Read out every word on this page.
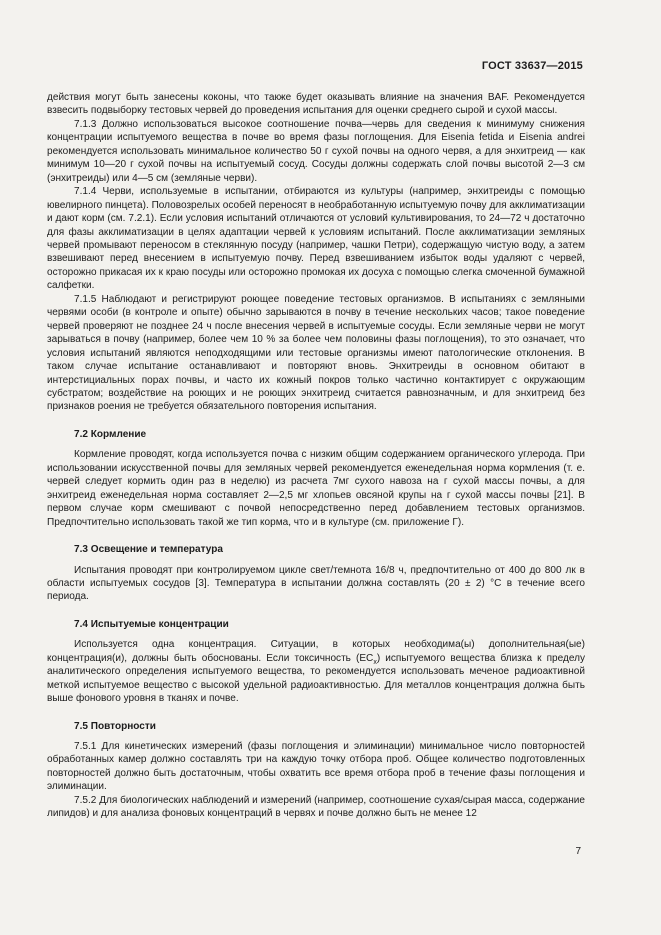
ГОСТ 33637—2015

действия могут быть занесены коконы, что также будет оказывать влияние на значения BAF. Рекомендуется взвесить подвыборку тестовых червей до проведения испытания для оценки среднего сырой и сухой массы.

7.1.3 Должно использоваться высокое соотношение почва—червь для сведения к минимуму снижения концентрации испытуемого вещества в почве во время фазы поглощения. Для Eisenia fetida и Eisenia andrei рекомендуется использовать минимальное количество 50 г сухой почвы на одного червя, а для энхитреид — как минимум 10—20 г сухой почвы на испытуемый сосуд. Сосуды должны содержать слой почвы высотой 2—3 см (энхитреиды) или 4—5 см (земляные черви).

7.1.4 Черви, используемые в испытании, отбираются из культуры (например, энхитреиды с помощью ювелирного пинцета). Половозрелых особей переносят в необработанную испытуемую почву для акклиматизации и дают корм (см. 7.2.1). Если условия испытаний отличаются от условий культивирования, то 24—72 ч достаточно для фазы акклиматизации в целях адаптации червей к условиям испытаний. После акклиматизации земляных червей промывают переносом в стеклянную посуду (например, чашки Петри), содержащую чистую воду, а затем взвешивают перед внесением в испытуемую почву. Перед взвешиванием избыток воды удаляют с червей, осторожно прикасая их к краю посуды или осторожно промокая их досуха с помощью слегка смоченной бумажной салфетки.

7.1.5 Наблюдают и регистрируют роющее поведение тестовых организмов. В испытаниях с земляными червями особи (в контроле и опыте) обычно зарываются в почву в течение нескольких часов; такое поведение червей проверяют не позднее 24 ч после внесения червей в испытуемые сосуды. Если земляные черви не могут зарываться в почву (например, более чем 10 % за более чем половины фазы поглощения), то это означает, что условия испытаний являются неподходящими или тестовые организмы имеют патологические отклонения. В таком случае испытание останавливают и повторяют вновь. Энхитреиды в основном обитают в интерстициальных порах почвы, и часто их кожный покров только частично контактирует с окружающим субстратом; воздействие на роющих и не роющих энхитреид считается равнозначным, и для энхитреид без признаков роения не требуется обязательного повторения испытания.

7.2 Кормление

Кормление проводят, когда используется почва с низким общим содержанием органического углерода. При использовании искусственной почвы для земляных червей рекомендуется еженедельная норма кормления (т. е. червей следует кормить один раз в неделю) из расчета 7мг сухого навоза на г сухой массы почвы, а для энхитреид еженедельная норма составляет 2—2,5 мг хлопьев овсяной крупы на г сухой массы почвы [21]. В первом случае корм смешивают с почвой непосредственно перед добавлением тестовых организмов. Предпочтительно использовать такой же тип корма, что и в культуре (см. приложение Г).

7.3 Освещение и температура

Испытания проводят при контролируемом цикле свет/темнота 16/8 ч, предпочтительно от 400 до 800 лк в области испытуемых сосудов [3]. Температура в испытании должна составлять (20 ± 2) °C в течение всего периода.

7.4 Испытуемые концентрации

Используется одна концентрация. Ситуации, в которых необходима(ы) дополнительная(ые) концентрация(и), должны быть обоснованы. Если токсичность $(EC_x)$ испытуемого вещества близка к пределу аналитического определения испытуемого вещества, то рекомендуется использовать меченое радиоактивной меткой испытуемое вещество с высокой удельной радиоактивностью. Для металлов концентрация должна быть выше фонового уровня в тканях и почве.

7.5 Повторности

7.5.1 Для кинетических измерений (фазы поглощения и элиминации) минимальное число повторностей обработанных камер должно составлять три на каждую точку отбора проб. Общее количество подготовленных повторностей должно быть достаточным, чтобы охватить все время отбора проб в течение фазы поглощения и элиминации.

7.5.2 Для биологических наблюдений и измерений (например, соотношение сухая/сырая масса, содержание липидов) и для анализа фоновых концентраций в червях и почве должно быть не менее 12

7
